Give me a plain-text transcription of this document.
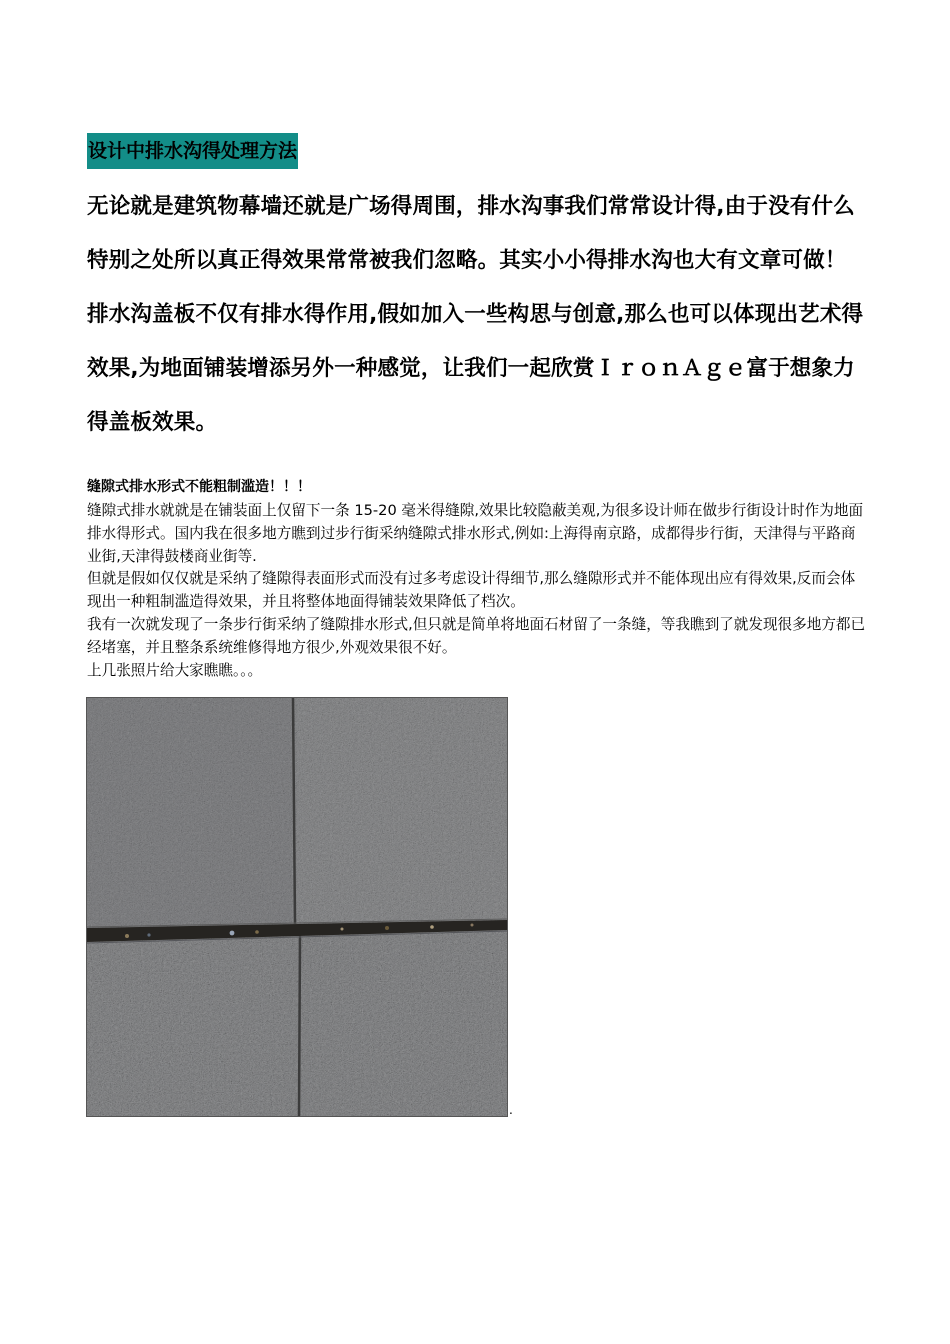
设计中排水沟得处理方法
无论就是建筑物幕墙还就是广场得周围，排水沟事我们常常设计得,由于没有什么特别之处所以真正得效果常常被我们忽略。其实小小得排水沟也大有文章可做！排水沟盖板不仅有排水得作用,假如加入一些构思与创意,那么也可以体现出艺术得效果,为地面铺装增添另外一种感觉，让我们一起欣赏ＩｒｏｎＡｇｅ富于想象力得盖板效果。
缝隙式排水形式不能粗制滥造！！！

缝隙式排水就就是在铺装面上仅留下一条 15-20 毫米得缝隙,效果比较隐蔽美观,为很多设计师在做步行街设计时作为地面排水得形式。国内我在很多地方瞧到过步行街采纳缝隙式排水形式,例如:上海得南京路，成都得步行街，天津得与平路商业街,天津得鼓楼商业街等.

但就是假如仅仅就是采纳了缝隙得表面形式而没有过多考虑设计得细节,那么缝隙形式并不能体现出应有得效果,反而会体现出一种粗制滥造得效果，并且将整体地面得铺装效果降低了档次。

我有一次就发现了一条步行街采纳了缝隙排水形式,但只就是简单将地面石材留了一条缝，等我瞧到了就发现很多地方都已经堵塞，并且整条系统维修得地方很少,外观效果很不好。

上几张照片给大家瞧瞧。。。

.
